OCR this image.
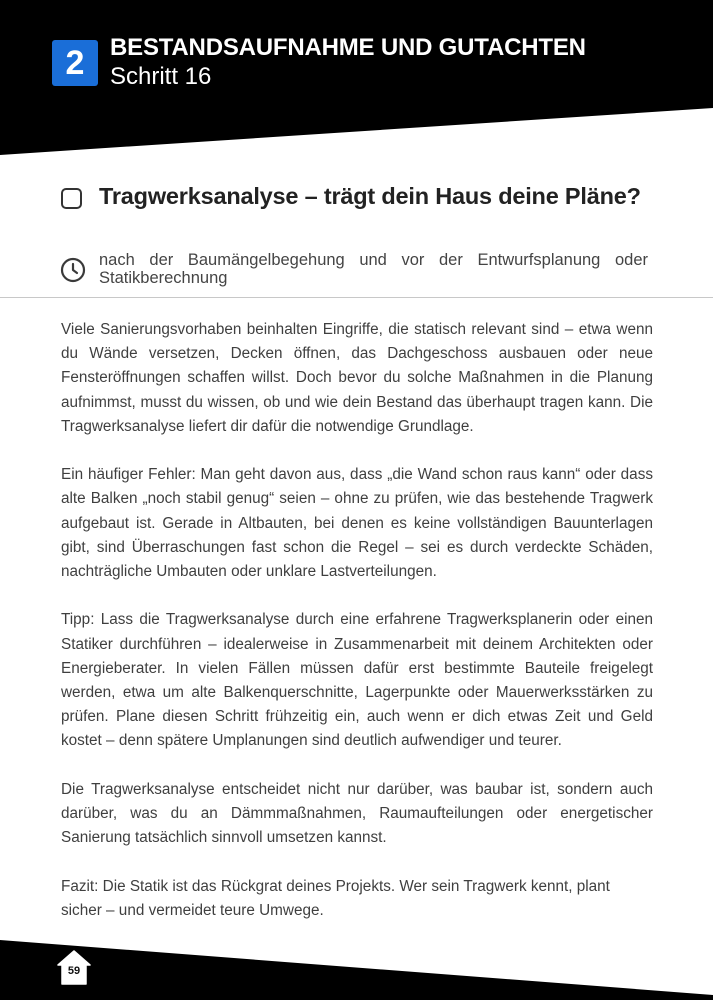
2	BESTANDSAUFNAHME UND GUTACHTEN
Schritt 16
Tragwerksanalyse – trägt dein Haus deine Pläne?
nach der Baumängelbegehung und vor der Entwurfsplanung oder Statikberechnung

Viele Sanierungsvorhaben beinhalten Eingriffe, die statisch relevant sind – etwa wenn du Wände versetzen, Decken öffnen, das Dachgeschoss ausbauen oder neue Fensteröffnungen schaffen willst. Doch bevor du solche Maßnahmen in die Planung aufnimmst, musst du wissen, ob und wie dein Bestand das überhaupt tragen kann. Die Tragwerksanalyse liefert dir dafür die notwendige Grundlage.

Ein häufiger Fehler: Man geht davon aus, dass „die Wand schon raus kann“ oder dass alte Balken „noch stabil genug“ seien – ohne zu prüfen, wie das bestehende Tragwerk aufgebaut ist. Gerade in Altbauten, bei denen es keine vollständigen Bauunterlagen gibt, sind Überraschungen fast schon die Regel – sei es durch verdeckte Schäden, nachträgliche Umbauten oder unklare Lastverteilungen.

Tipp: Lass die Tragwerksanalyse durch eine erfahrene Tragwerksplanerin oder einen Statiker durchführen – idealerweise in Zusammenarbeit mit deinem Architekten oder Energieberater. In vielen Fällen müssen dafür erst bestimmte Bauteile freigelegt werden, etwa um alte Balkenquerschnitte, Lagerpunkte oder Mauerwerksstärken zu prüfen. Plane diesen Schritt frühzeitig ein, auch wenn er dich etwas Zeit und Geld kostet – denn spätere Umplanungen sind deutlich aufwendiger und teurer.

Die Tragwerksanalyse entscheidet nicht nur darüber, was baubar ist, sondern auch darüber, was du an Dämmmaßnahmen, Raumaufteilungen oder energetischer Sanierung tatsächlich sinnvoll umsetzen kannst.

Fazit: Die Statik ist das Rückgrat deines Projekts. Wer sein Tragwerk kennt, plant sicher – und vermeidet teure Umwege.

59
